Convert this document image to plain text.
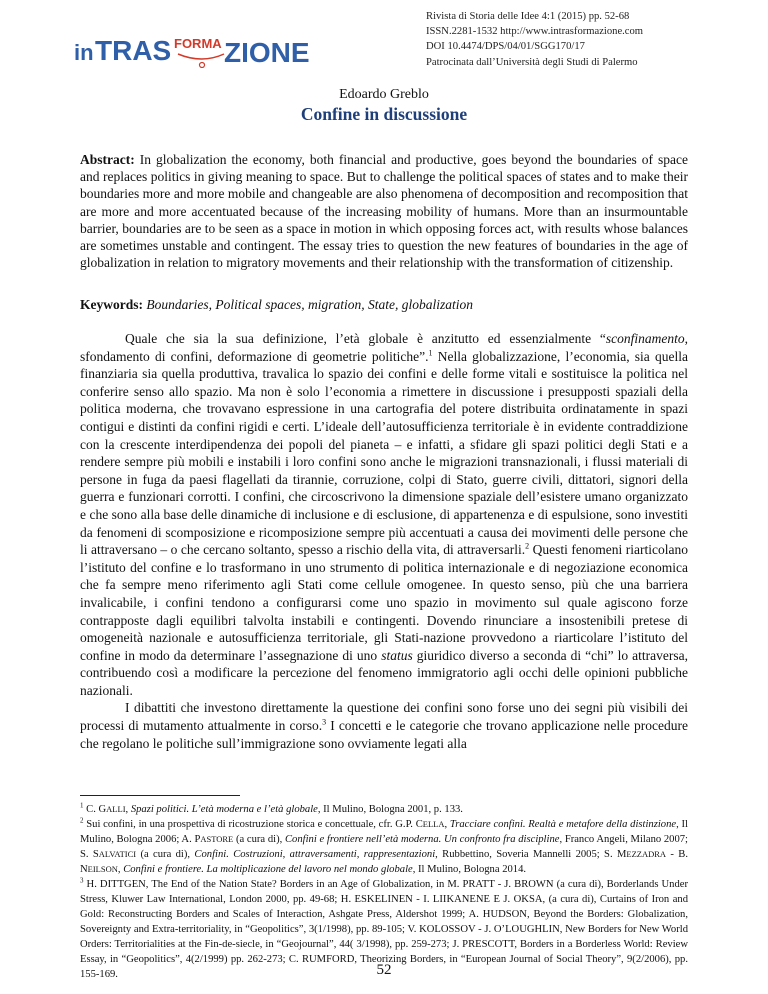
in TRAS FORMA ZIONE
Rivista di Storia delle Idee 4:1 (2015) pp. 52-68
ISSN.2281-1532 http://www.intrasformazione.com
DOI 10.4474/DPS/04/01/SGG170/17
Patrocinata dall’Università degli Studi di Palermo
Edoardo Greblo
Confine in discussione

Abstract: In globalization the economy, both financial and productive, goes beyond the boundaries of space and replaces politics in giving meaning to space. But to challenge the political spaces of states and to make their boundaries more and more mobile and changeable are also phenomena of decomposition and recomposition that are more and more accentuated because of the increasing mobility of humans. More than an insurmountable barrier, boundaries are to be seen as a space in motion in which opposing forces act, with results whose balances are sometimes unstable and contingent. The essay tries to question the new features of boundaries in the age of globalization in relation to migratory movements and their relationship with the transformation of citizenship.

Keywords: Boundaries, Political spaces, migration, State, globalization

Quale che sia la sua definizione, l’età globale è anzitutto ed essenzialmente “sconfinamento, sfondamento di confini, deformazione di geometrie politiche”.$^1$ Nella globalizzazione, l’economia, sia quella finanziaria sia quella produttiva, travalica lo spazio dei confini e delle forme vitali e sostituisce la politica nel conferire senso allo spazio. Ma non è solo l’economia a rimettere in discussione i presupposti spaziali della politica moderna, che trovavano espressione in una cartografia del potere distribuita ordinatamente in spazi contigui e distinti da confini rigidi e certi. L’ideale dell’autosufficienza territoriale è in evidente contraddizione con la crescente interdipendenza dei popoli del pianeta – e infatti, a sfidare gli spazi politici degli Stati e a rendere sempre più mobili e instabili i loro confini sono anche le migrazioni transnazionali, i flussi materiali di persone in fuga da paesi flagellati da tirannie, corruzione, colpi di Stato, guerre civili, dittatori, signori della guerra e funzionari corrotti. I confini, che circoscrivono la dimensione spaziale dell’esistere umano organizzato e che sono alla base delle dinamiche di inclusione e di esclusione, di appartenenza e di espulsione, sono investiti da fenomeni di scomposizione e ricomposizione sempre più accentuati a causa dei movimenti delle persone che li attraversano – o che cercano soltanto, spesso a rischio della vita, di attraversarli.$^2$ Questi fenomeni riarticolano l’istituto del confine e lo trasformano in uno strumento di politica internazionale e di negoziazione economica che fa sempre meno riferimento agli Stati come cellule omogenee. In questo senso, più che una barriera invalicabile, i confini tendono a configurarsi come uno spazio in movimento sul quale agiscono forze contrapposte dagli equilibri talvolta instabili e contingenti. Dovendo rinunciare a insostenibili pretese di omogeneità nazionale e autosufficienza territoriale, gli Stati-nazione provvedono a riarticolare l’istituto del confine in modo da determinare l’assegnazione di uno status giuridico diverso a seconda di “chi” lo attraversa, contribuendo così a modificare la percezione del fenomeno immigratorio agli occhi delle opinioni pubbliche nazionali.

I dibattiti che investono direttamente la questione dei confini sono forse uno dei segni più visibili dei processi di mutamento attualmente in corso.$^3$ I concetti e le categorie che trovano applicazione nelle procedure che regolano le politiche sull’immigrazione sono ovviamente legati alla

$^1$ C. GALLI, Spazi politici. L’età moderna e l’età globale, Il Mulino, Bologna 2001, p. 133.

$^2$ Sui confini, in una prospettiva di ricostruzione storica e concettuale, cfr. G.P. CELLA, Tracciare confini. Realtà e metafore della distinzione, Il Mulino, Bologna 2006; A. PASTORE (a cura di), Confini e frontiere nell’età moderna. Un confronto fra discipline, Franco Angeli, Milano 2007; S. SALVATICI (a cura di), Confini. Costruzioni, attraversamenti, rappresentazioni, Rubbettino, Soveria Mannelli 2005; S. MEZZADRA - B. NEILSON, Confini e frontiere. La moltiplicazione del lavoro nel mondo globale, Il Mulino, Bologna 2014.

$^3$ H. DITTGEN, The End of the Nation State? Borders in an Age of Globalization, in M. PRATT - J. BROWN (a cura di), Borderlands Under Stress, Kluwer Law International, London 2000, pp. 49-68; H. ESKELINEN - I. LIIKANENE E J. OKSA, (a cura di), Curtains of Iron and Gold: Reconstructing Borders and Scales of Interaction, Ashgate Press, Aldershot 1999; A. HUDSON, Beyond the Borders: Globalization, Sovereignty and Extra-territoriality, in “Geopolitics”, 3(1/1998), pp. 89-105; V. KOLOSSOV - J. O’LOUGHLIN, New Borders for New World Orders: Territorialities at the Fin-de-siecle, in “Geojournal”, 44( 3/1998), pp. 259-273; J. PRESCOTT, Borders in a Borderless World: Review Essay, in “Geopolitics”, 4(2/1999) pp. 262-273; C. RUMFORD, Theorizing Borders, in “European Journal of Social Theory”, 9(2/2006), pp. 155-169.	52
